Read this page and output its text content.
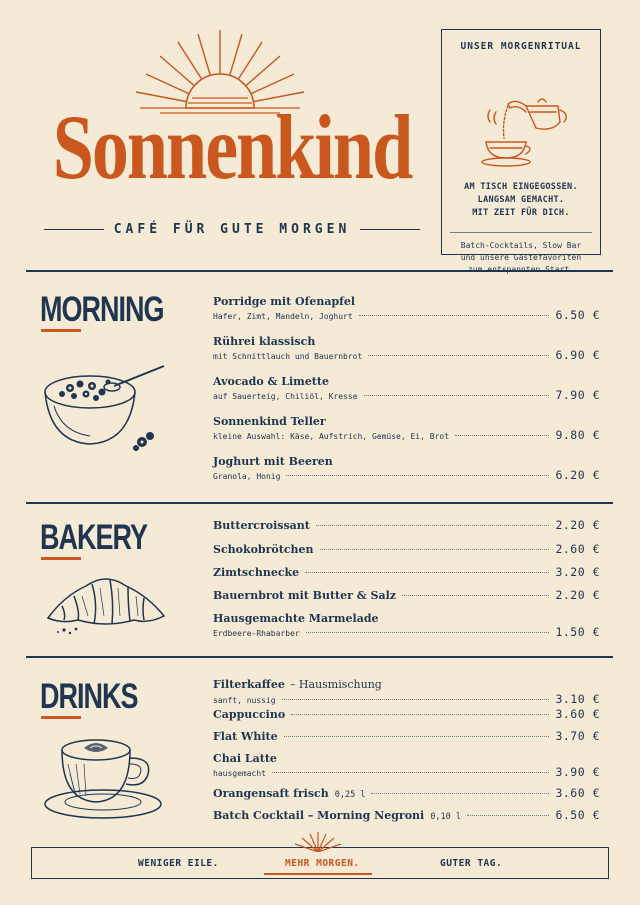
Sonnenkind
CAFÉ FÜR GUTE MORGEN
UNSER MORGENRITUAL
AM TISCH EINGEGOSSEN.
LANGSAM GEMACHT.
MIT ZEIT FÜR DICH.
Batch-Cocktails, Slow Bar
und unsere Gästefavoriten
MORNING	Porridge mit Ofenapfel
Hafer, Zimt, Mandeln, Joghurt	6.50 €
Rührei klassisch
mit Schnittlauch und Bauernbrot	6.90 €
Avocado & Limette
auf Sauerteig, Chiliöl, Kresse	7.90 €
Sonnenkind Teller
kleine Auswahl: Käse, Aufstrich, Gemüse, Ei, Brot	9.80 €
Joghurt mit Beeren
Granola, Honig	6.20 €
BAKERY	Buttercroissant	2.20 €
Schokobrötchen	2.60 €
Zimtschnecke	3.20 €
Bauernbrot mit Butter & Salz	2.20 €
Hausgemachte Marmelade
Erdbeere-Rhabarber	1.50 €
DRINKS	Filterkaffee – Hausmischung
sanft, nussig	3.10 €
Cappuccino	3.60 €
Flat White	3.70 €
Chai Latte
hausgemacht	3.90 €
Orangensaft frisch 0,25 l	3.60 €
Batch Cocktail – Morning Negroni 0,10 l	6.50 €
WENIGER EILE.	MEHR MORGEN.	GUTER TAG.
